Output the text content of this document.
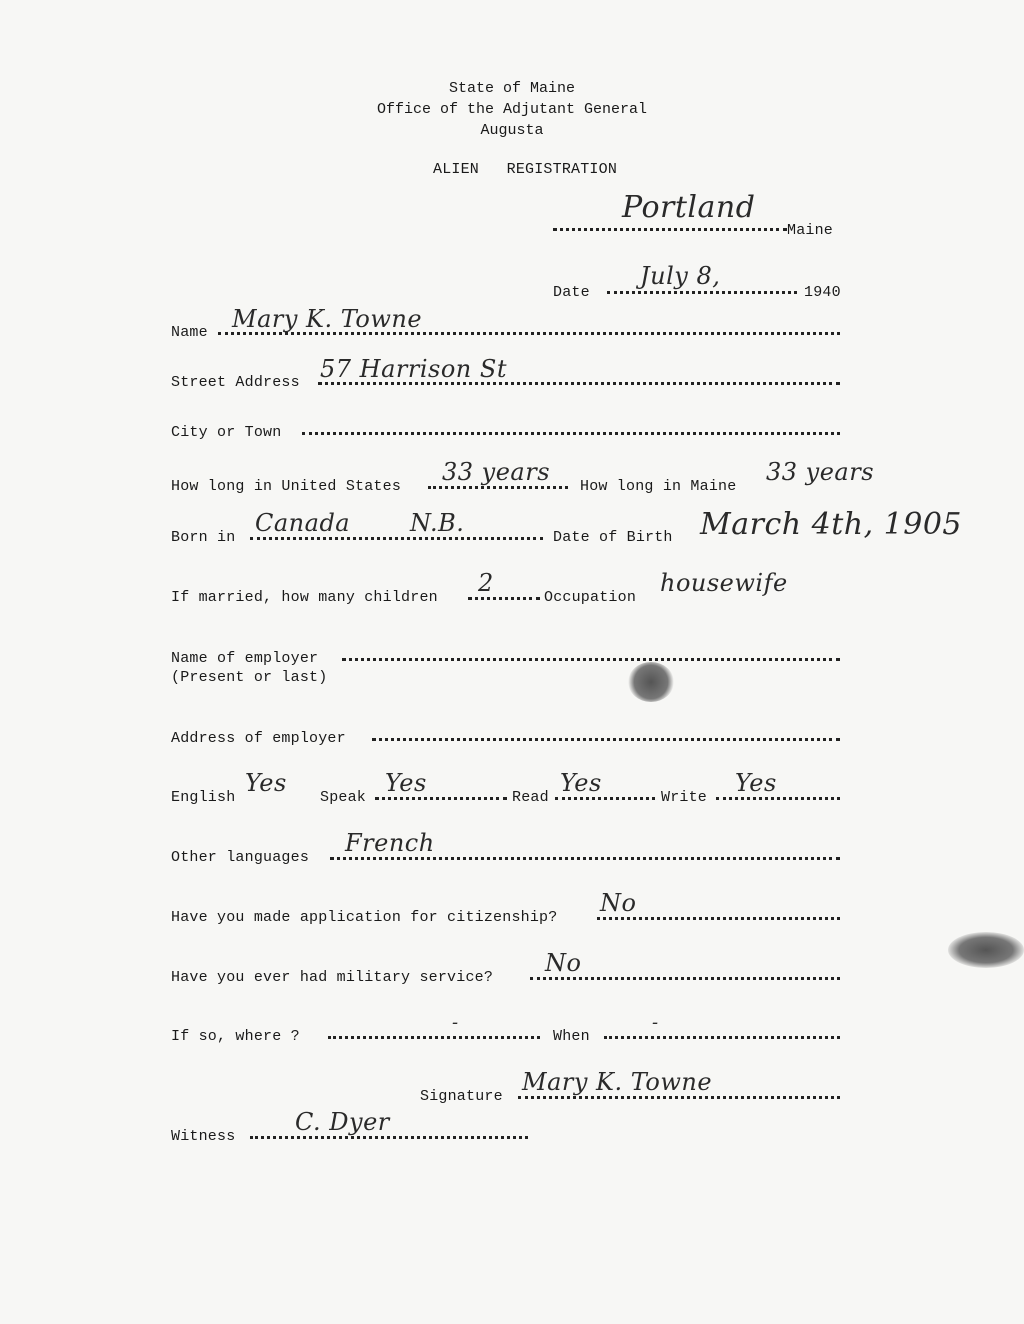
State of Maine
Office of the Adjutant General
Augusta
ALIEN   REGISTRATION
Portland
Maine
Date
July 8,
1940
Name Mary K. Towne
Street Address 57 Harrison St
City or Town
How long in United States
33 years
How long in Maine
33 years
Born in
Canada N.B.
Date of Birth March 4th, 1905
If married, how many children
2
Occupation
housewife
Name of employer
(Present or last)
Address of employer
English
Yes
Speak
Yes
Read
Yes
Write
Yes
Other languages
French
Have you made application for citizenship?
No
Have you ever had military service?
No
If so, where ?
-
When
-
Signature
Mary K. Towne
Witness
C. Dyer
